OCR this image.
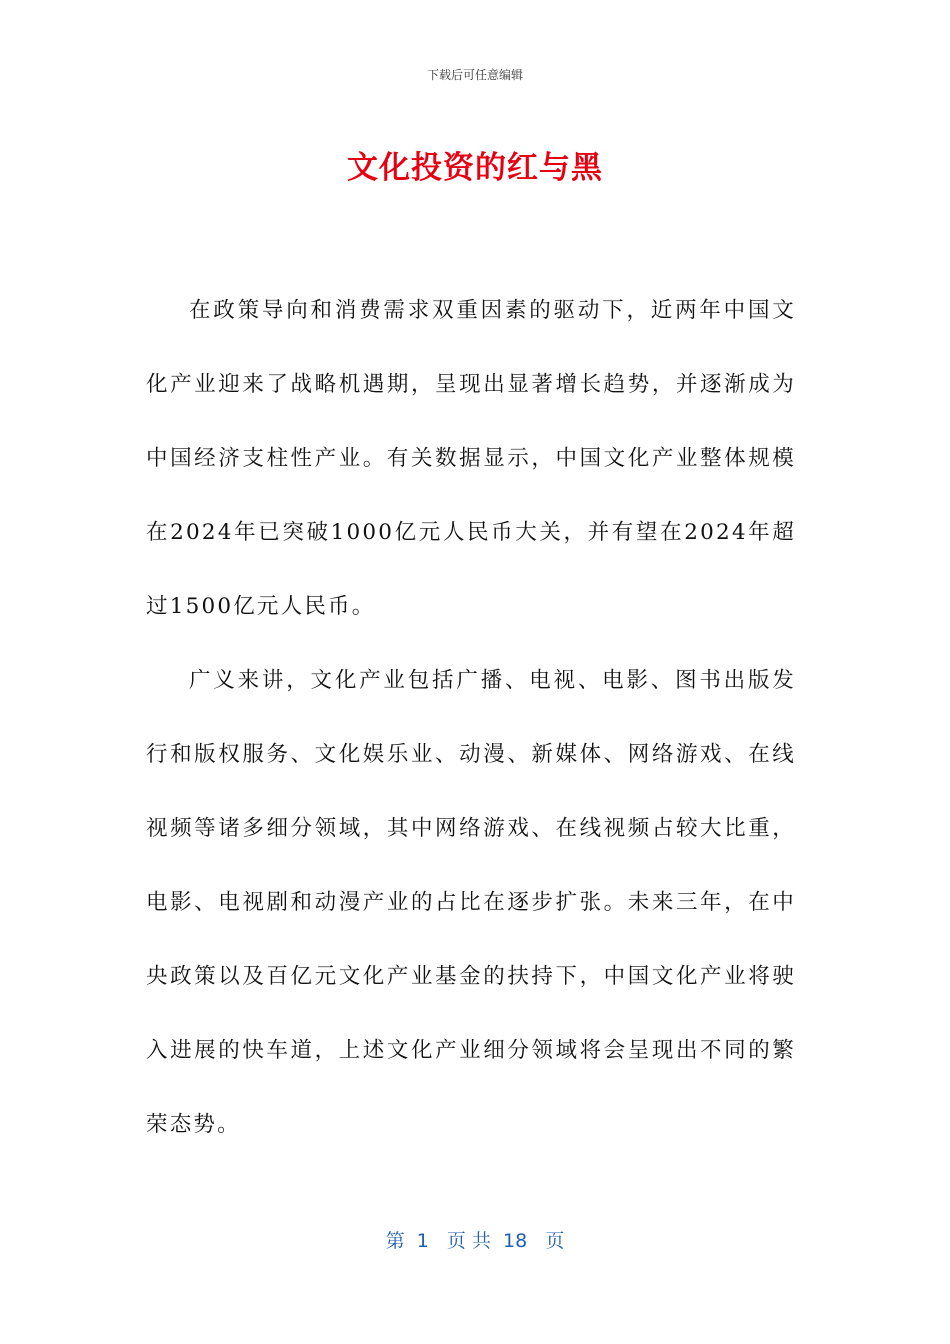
下载后可任意编辑
文化投资的红与黑

在政策导向和消费需求双重因素的驱动下，近两年中国文化产业迎来了战略机遇期，呈现出显著增长趋势，并逐渐成为中国经济支柱性产业。有关数据显示，中国文化产业整体规模在2024年已突破1000亿元人民币大关，并有望在2024年超过1500亿元人民币。

广义来讲，文化产业包括广播、电视、电影、图书出版发行和版权服务、文化娱乐业、动漫、新媒体、网络游戏、在线视频等诸多细分领域，其中网络游戏、在线视频占较大比重，电影、电视剧和动漫产业的占比在逐步扩张。未来三年，在中央政策以及百亿元文化产业基金的扶持下，中国文化产业将驶入进展的快车道，上述文化产业细分领域将会呈现出不同的繁荣态势。

第  1   页 共  18   页
